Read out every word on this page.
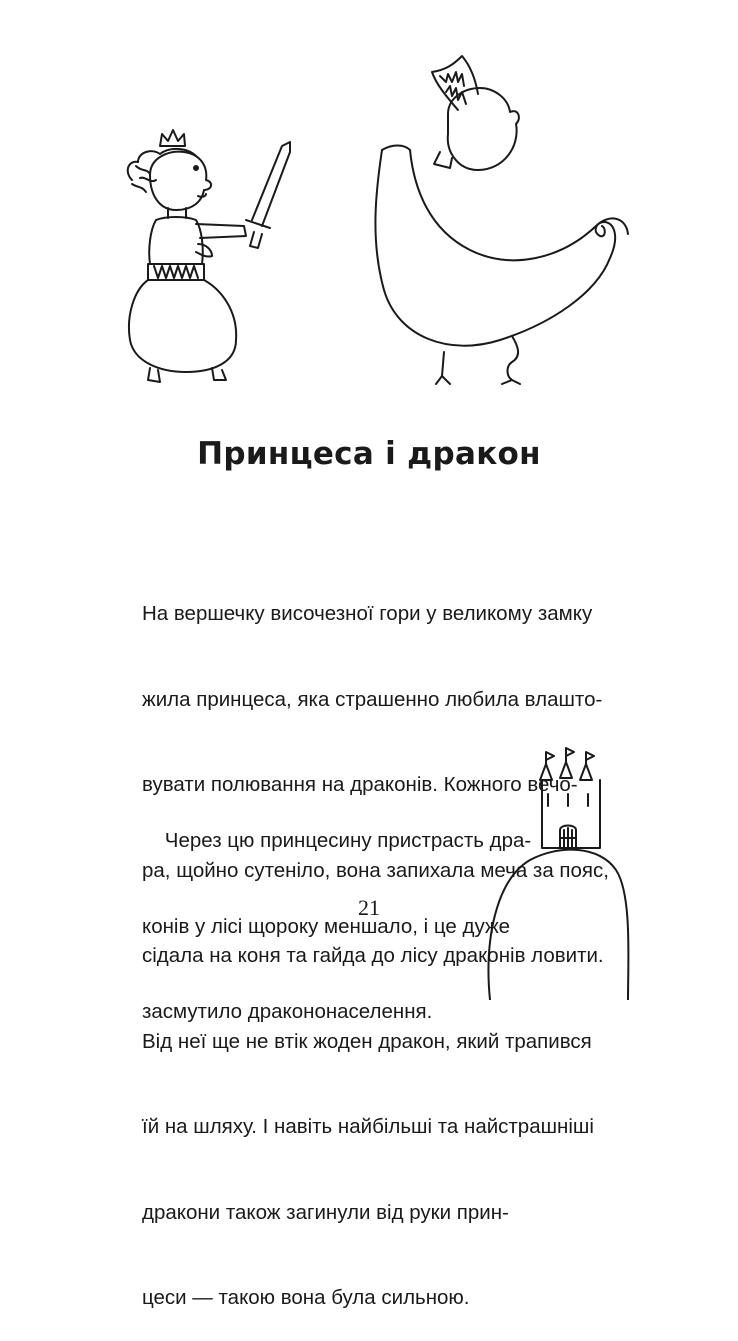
Принцеса і дракон

На вершечку височезної гори у великому замку

жила принцеса, яка страшенно любила влашто-

вувати полювання на драконів. Кожного вечо-

ра, щойно сутеніло, вона запихала меча за пояс,

сідала на коня та гайда до лісу драконів ловити.

Від неї ще не втік жоден дракон, який трапився

їй на шляху. І навіть найбільші та найстрашніші

дракони також загинули від руки прин-

цеси — такою вона була сильною.

Через цю принцесину пристрасть дра-

конів у лісі щороку меншало, і це дуже

засмутило дракононаселення.

21
